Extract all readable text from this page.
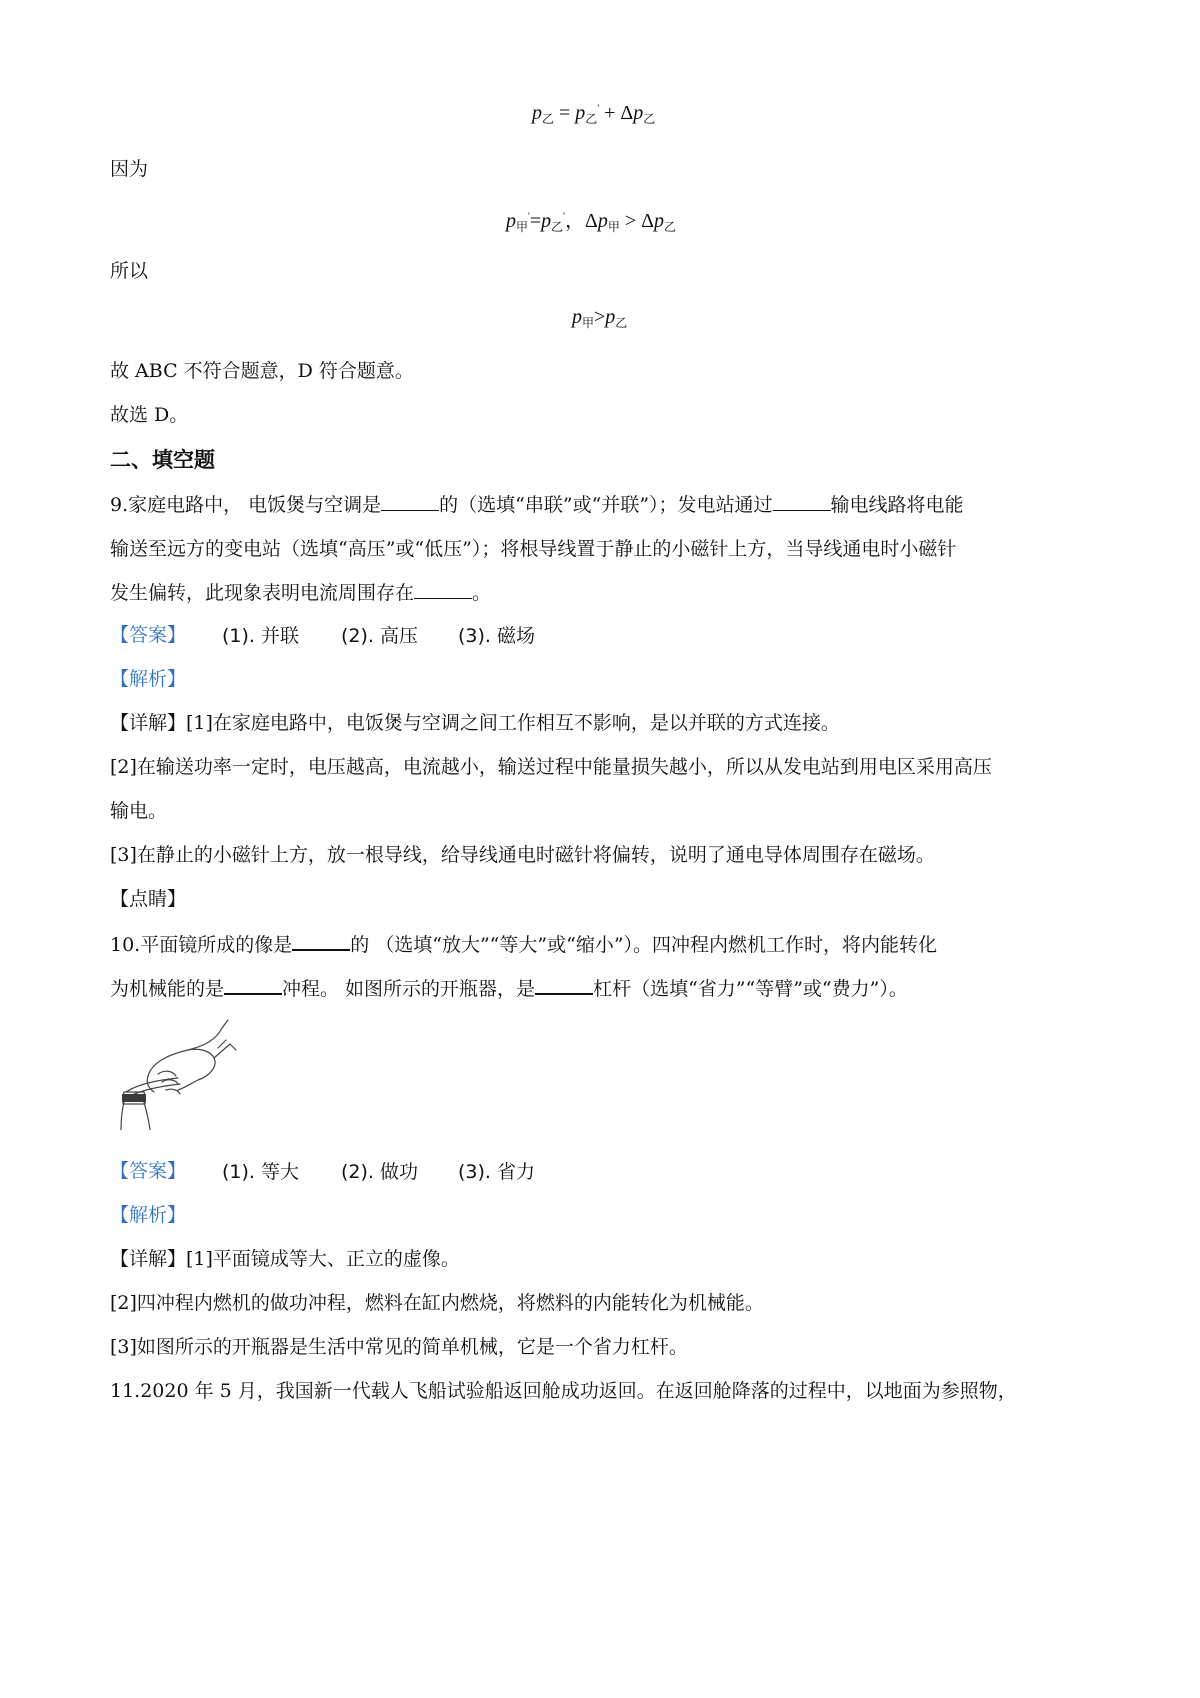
$p_乙 = p_乙' + \Delta p_乙$
因为
$p_甲'=p_乙'$，$\Delta p_甲 > \Delta p_乙$
所以
$p_甲>p_乙$
故 ABC 不符合题意，D 符合题意。
故选 D。
二、填空题
9.家庭电路中， 电饭煲与空调是	的（选填“串联”或“并联”）；发电站通过	输电线路将电能
输送至远方的变电站（选填“高压”或“低压”）；将根导线置于静止的小磁针上方，当导线通电时小磁针
发生偏转，此现象表明电流周围存在	。
【答案】 (1). 并联 (2). 高压 (3). 磁场
【解析】
【详解】[1]在家庭电路中，电饭煲与空调之间工作相互不影响，是以并联的方式连接。
[2]在输送功率一定时，电压越高，电流越小，输送过程中能量损失越小，所以从发电站到用电区采用高压
输电。
[3]在静止的小磁针上方，放一根导线，给导线通电时磁针将偏转，说明了通电导体周围存在磁场。
【点睛】
10.平面镜所成的像是	的 （选填“放大”“等大”或“缩小”）。四冲程内燃机工作时，将内能转化
为机械能的是	冲程。 如图所示的开瓶器，是	杠杆（选填“省力”“等臂”或“费力”）。
【答案】 (1). 等大 (2). 做功 (3). 省力
【解析】
【详解】[1]平面镜成等大、正立的虚像。
[2]四冲程内燃机的做功冲程，燃料在缸内燃烧，将燃料的内能转化为机械能。
[3]如图所示的开瓶器是生活中常见的简单机械，它是一个省力杠杆。
11.2020 年 5 月，我国新一代载人飞船试验船返回舱成功返回。在返回舱降落的过程中，以地面为参照物，
